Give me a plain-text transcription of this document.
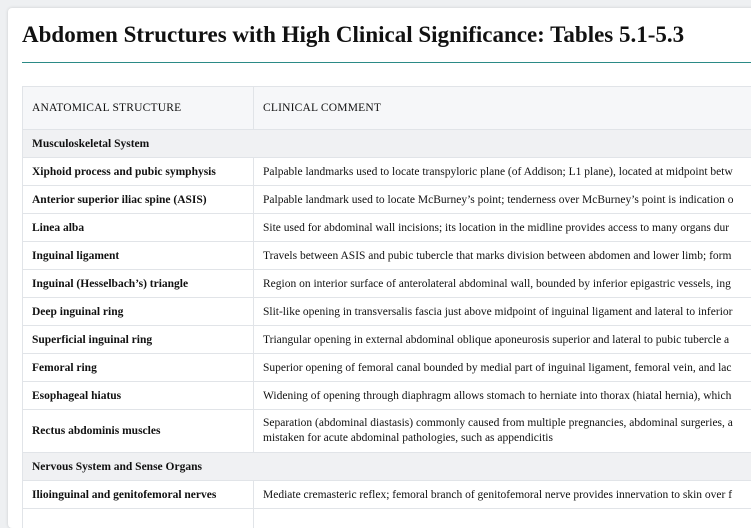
Abdomen Structures with High Clinical Significance: Tables 5.1-5.3
ANATOMICAL STRUCTURE	CLINICAL COMMENT
Musculoskeletal System	
Xiphoid process and pubic symphysis	Palpable landmarks used to locate transpyloric plane (of Addison; L1 plane), located at midpoint betw
Anterior superior iliac spine (ASIS)	Palpable landmark used to locate McBurney’s point; tenderness over McBurney’s point is indication o
Linea alba	Site used for abdominal wall incisions; its location in the midline provides access to many organs dur
Inguinal ligament	Travels between ASIS and pubic tubercle that marks division between abdomen and lower limb; form
Inguinal (Hesselbach’s) triangle	Region on interior surface of anterolateral abdominal wall, bounded by inferior epigastric vessels, ing
Deep inguinal ring	Slit-like opening in transversalis fascia just above midpoint of inguinal ligament and lateral to inferior
Superficial inguinal ring	Triangular opening in external abdominal oblique aponeurosis superior and lateral to pubic tubercle a
Femoral ring	Superior opening of femoral canal bounded by medial part of inguinal ligament, femoral vein, and lac
Esophageal hiatus	Widening of opening through diaphragm allows stomach to herniate into thorax (hiatal hernia), which
Rectus abdominis muscles	Separation (abdominal diastasis) commonly caused from multiple pregnancies, abdominal surgeries, a mistaken for acute abdominal pathologies, such as appendicitis
Nervous System and Sense Organs	
Ilioinguinal and genitofemoral nerves	Mediate cremasteric reflex; femoral branch of genitofemoral nerve provides innervation to skin over f
